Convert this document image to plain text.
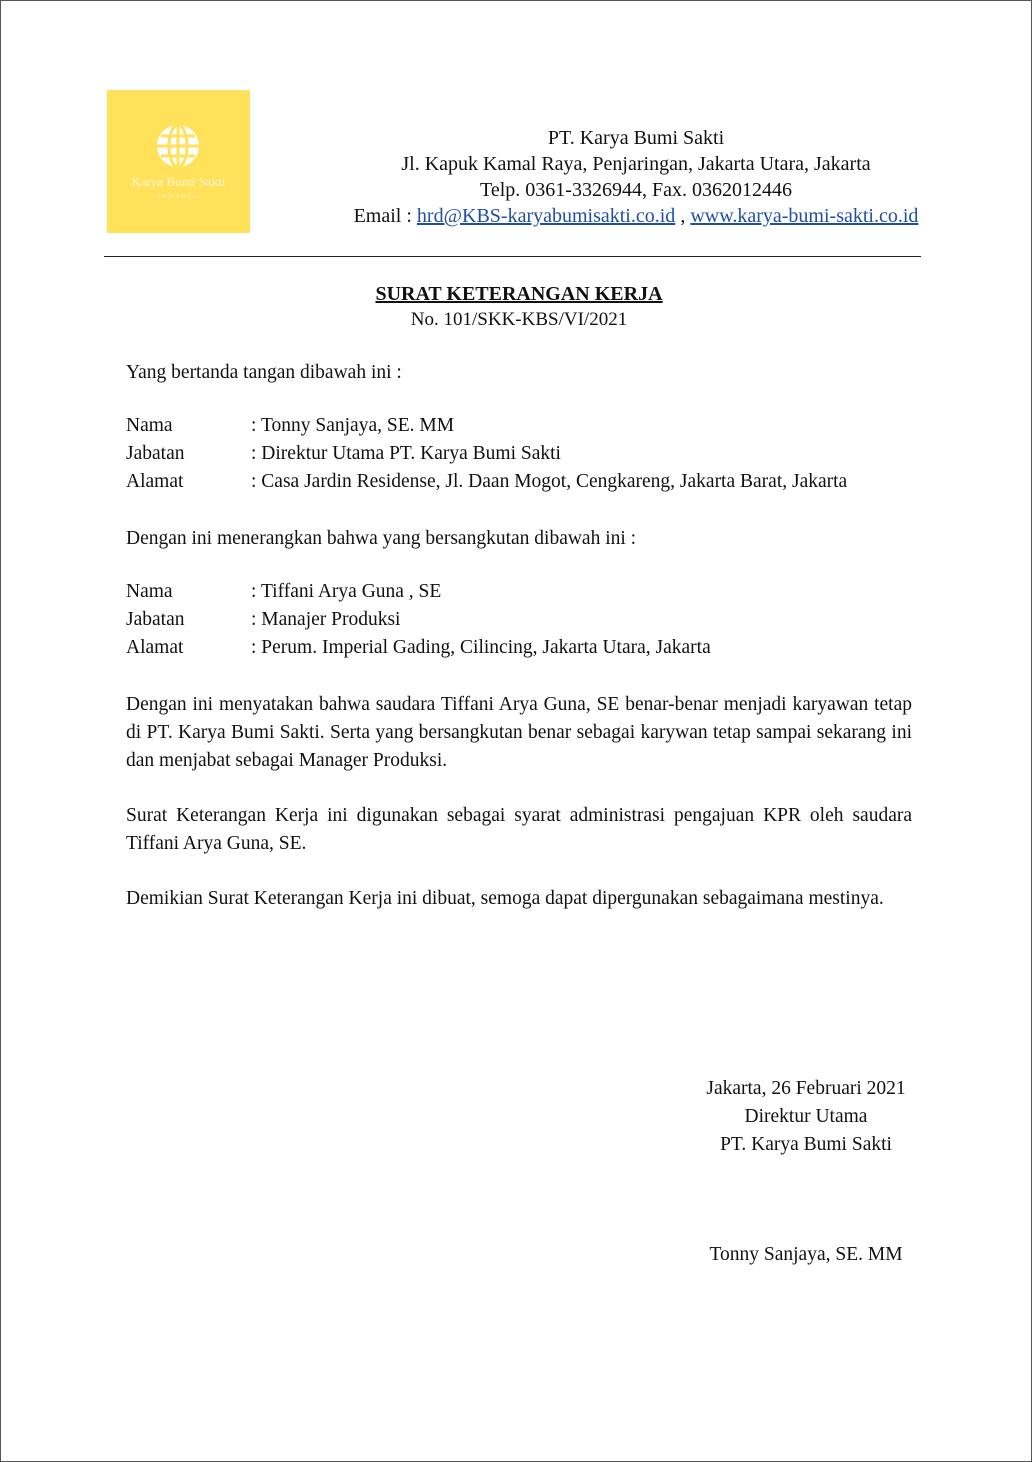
Karya Bumi Sakti
JAKARTA
PT. Karya Bumi Sakti
Jl. Kapuk Kamal Raya, Penjaringan, Jakarta Utara, Jakarta
Telp. 0361-3326944, Fax. 0362012446
Email : hrd@KBS-karyabumisakti.co.id , www.karya-bumi-sakti.co.id
SURAT KETERANGAN KERJA
No. 101/SKK-KBS/VI/2021
Yang bertanda tangan dibawah ini :
Nama	: Tonny Sanjaya, SE. MM
Jabatan	: Direktur Utama PT. Karya Bumi Sakti
Alamat	: Casa Jardin Residense, Jl. Daan Mogot, Cengkareng, Jakarta Barat, Jakarta
Dengan ini menerangkan bahwa yang bersangkutan dibawah ini :
Nama	: Tiffani Arya Guna , SE
Jabatan	: Manajer Produksi
Alamat	: Perum. Imperial Gading, Cilincing, Jakarta Utara, Jakarta
Dengan ini menyatakan bahwa saudara Tiffani Arya Guna, SE benar-benar menjadi karyawan tetap di PT. Karya Bumi Sakti. Serta yang bersangkutan benar sebagai karywan tetap sampai sekarang ini dan menjabat sebagai Manager Produksi.
Surat Keterangan Kerja ini digunakan sebagai syarat administrasi pengajuan KPR oleh saudara Tiffani Arya Guna, SE.
Demikian Surat Keterangan Kerja ini dibuat, semoga dapat dipergunakan sebagaimana mestinya.
Jakarta, 26 Februari 2021
Direktur Utama
PT. Karya Bumi Sakti
Tonny Sanjaya, SE. MM
